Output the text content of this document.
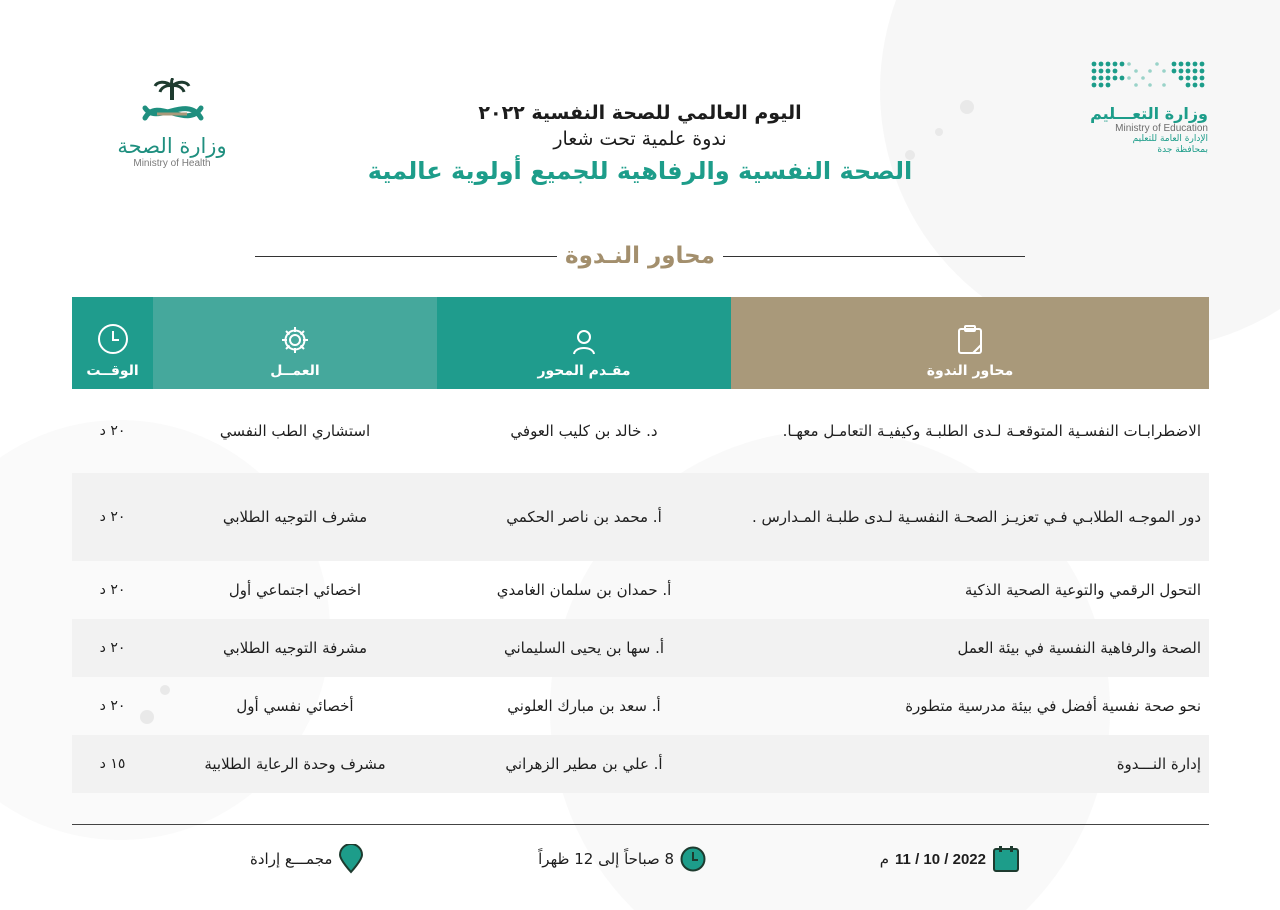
وزارة الصحة
Ministry of Health
وزارة التعـــليم
Ministry of Education
الإدارة العامة للتعليم
بمحافظة جدة
اليوم العالمي للصحة النفسية ٢٠٢٢
ندوة علمية تحت شعار
الصحة النفسية والرفاهية للجميع أولوية عالمية
محاور النـدوة
محاور الندوة
مقـدم المحور
العمــل
الوقــت
الاضطرابـات النفسـية المتوقعـة لـدى الطلبـة وكيفيـة التعامـل معهـا.
د. خالد بن كليب العوفي
استشاري الطب النفسي
٢٠ د
دور الموجـه الطلابـي فـي تعزيـز الصحـة النفسـية لـدى طلبـة المـدارس .
أ. محمد بن ناصر الحكمي
مشرف التوجيه الطلابي
٢٠ د
التحول الرقمي والتوعية الصحية الذكية
أ. حمدان بن سلمان الغامدي
اخصائي اجتماعي أول
٢٠ د
الصحة والرفاهية النفسية في بيئة العمل
أ. سها بن يحيى السليماني
مشرفة التوجيه الطلابي
٢٠ د
نحو صحة نفسية أفضل في بيئة مدرسية متطورة
أ. سعد بن مبارك العلوني
أخصائي نفسي أول
٢٠ د
إدارة النـــدوة
أ. علي بن مطير الزهراني
مشرف وحدة الرعاية الطلابية
١٥ د
2022 / 10 / 11
م
8 صباحاً إلى 12 ظهراً
مجمـــع إرادة
